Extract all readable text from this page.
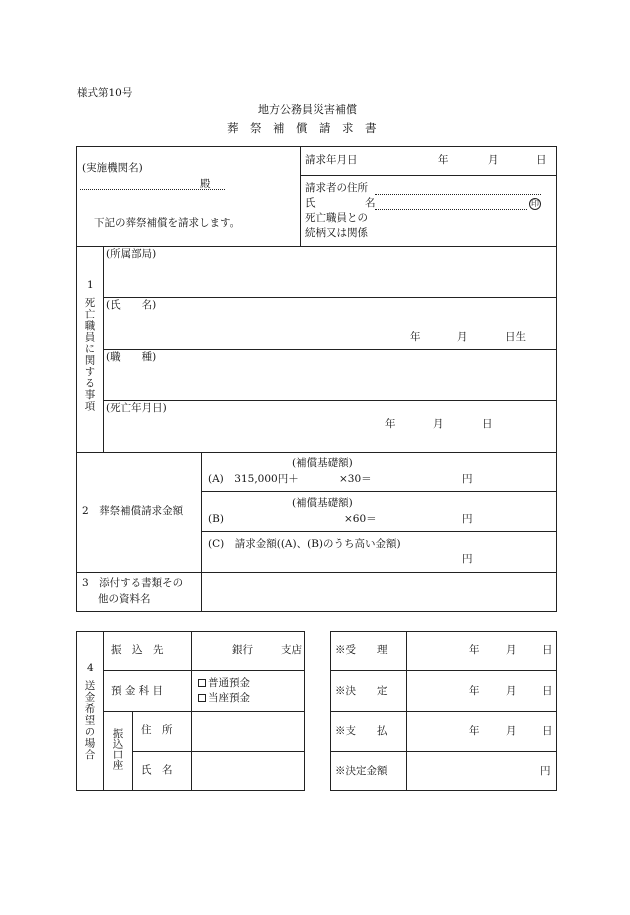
様式第10号
地方公務員災害補償
葬　祭　補　償　請　求　書
(実施機関名)
殿
下記の葬祭補償を請求します。
請求年月日	年	月	日
請求者の住所
氏	名	印
死亡職員との
続柄又は関係
1
死亡職員に関する事項
(所属部局)
(氏　　名)
年	月	日生
(職　　種)
(死亡年月日)
年	月	日
2　葬祭補償請求金額
(補償基礎額)
(A)　315,000円＋	×30＝	円
(補償基礎額)
(B)	×60＝	円
(C)　請求金額((A)、(B)のうち高い金額)
円
3　添付する書類その
他の資料名
4
送金希望の場合
振　込　先	銀行	支店
預 金 科 目
普通預金
当座預金
振込口座 住　所
氏　名
※受　　理	年	月 日
※決　　定	年	月 日
※支　　払	年	月 日
※決定金額	円
